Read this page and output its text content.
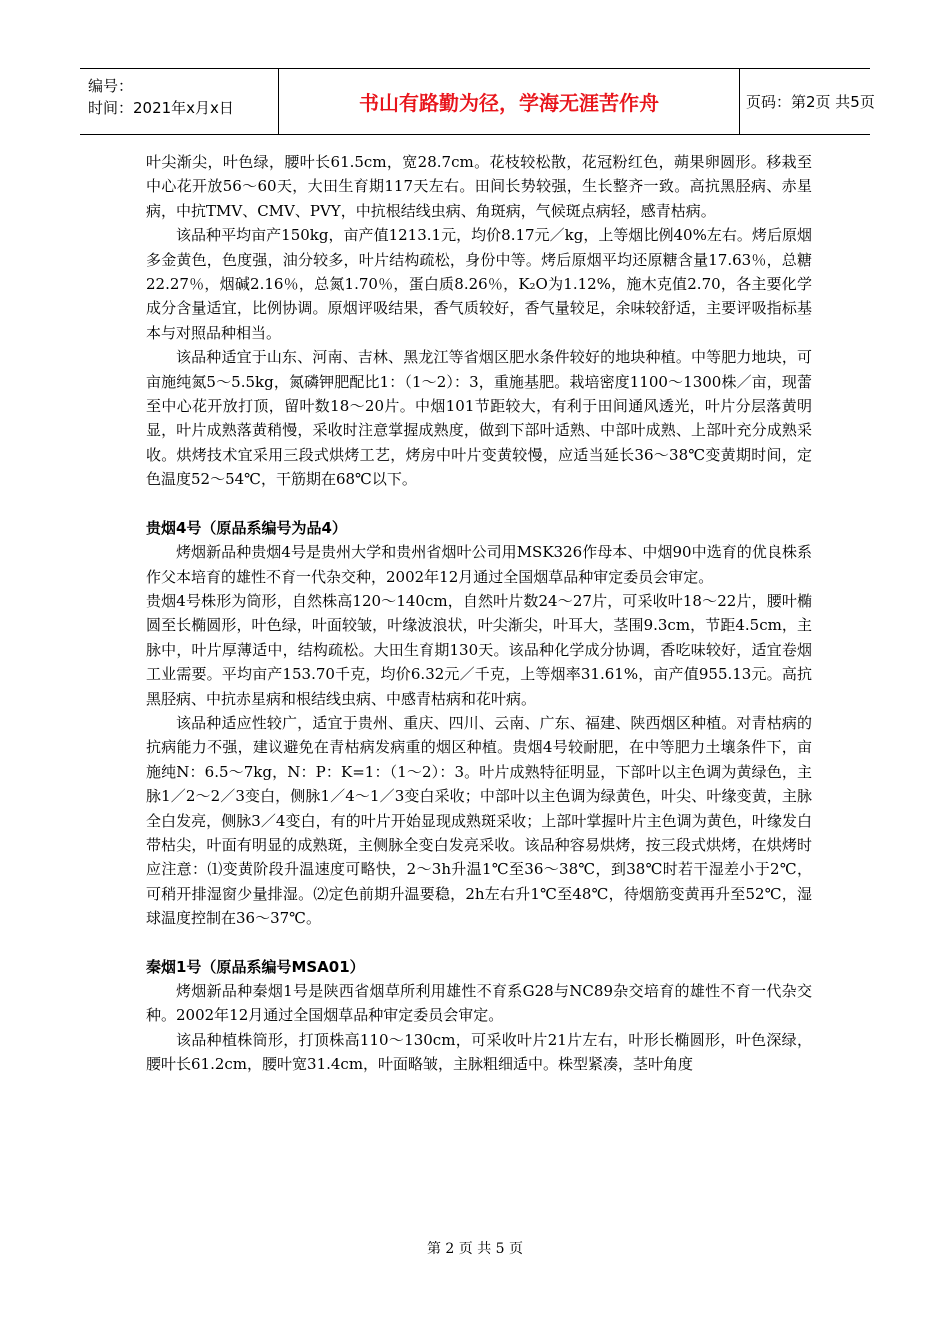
编号：
时间：2021年x月x日	书山有路勤为径，学海无涯苦作舟	页码：第2页 共5页

叶尖渐尖，叶色绿，腰叶长61.5cm，宽28.7cm。花枝较松散，花冠粉红色，蒴果卵圆形。移栽至中心花开放56～60天，大田生育期117天左右。田间长势较强，生长整齐一致。高抗黑胫病、赤星病，中抗TMV、CMV、PVY，中抗根结线虫病、角斑病，气候斑点病轻，感青枯病。

该品种平均亩产150kg，亩产值1213.1元，均价8.17元／kg，上等烟比例40%左右。烤后原烟多金黄色，色度强，油分较多，叶片结构疏松，身份中等。烤后原烟平均还原糖含量17.63％，总糖22.27％，烟碱2.16％，总氮1.70％，蛋白质8.26％，K₂O为1.12%，施木克值2.70，各主要化学成分含量适宜，比例协调。原烟评吸结果，香气质较好，香气量较足，余味较舒适，主要评吸指标基本与对照品种相当。

该品种适宜于山东、河南、吉林、黑龙江等省烟区肥水条件较好的地块种植。中等肥力地块，可亩施纯氮5～5.5kg，氮磷钾肥配比1：（1～2）：3，重施基肥。栽培密度1100～1300株／亩，现蕾至中心花开放打顶，留叶数18～20片。中烟101节距较大，有利于田间通风透光，叶片分层落黄明显，叶片成熟落黄稍慢，采收时注意掌握成熟度，做到下部叶适熟、中部叶成熟、上部叶充分成熟采收。烘烤技术宜采用三段式烘烤工艺，烤房中叶片变黄较慢，应适当延长36～38℃变黄期时间，定色温度52～54℃，干筋期在68℃以下。

贵烟4号（原品系编号为品4）

烤烟新品种贵烟4号是贵州大学和贵州省烟叶公司用MSK326作母本、中烟90中选育的优良株系作父本培育的雄性不育一代杂交种，2002年12月通过全国烟草品种审定委员会审定。

贵烟4号株形为筒形，自然株高120～140cm，自然叶片数24～27片，可采收叶18～22片，腰叶椭圆至长椭圆形，叶色绿，叶面较皱，叶缘波浪状，叶尖渐尖，叶耳大，茎围9.3cm，节距4.5cm，主脉中，叶片厚薄适中，结构疏松。大田生育期130天。该品种化学成分协调，香吃味较好，适宜卷烟工业需要。平均亩产153.70千克，均价6.32元／千克，上等烟率31.61%，亩产值955.13元。高抗黑胫病、中抗赤星病和根结线虫病、中感青枯病和花叶病。

该品种适应性较广，适宜于贵州、重庆、四川、云南、广东、福建、陕西烟区种植。对青枯病的抗病能力不强，建议避免在青枯病发病重的烟区种植。贵烟4号较耐肥，在中等肥力土壤条件下，亩施纯N：6.5～7kg，N：P：K=1：（1～2）：3。叶片成熟特征明显，下部叶以主色调为黄绿色，主脉1／2～2／3变白，侧脉1／4～1／3变白采收；中部叶以主色调为绿黄色，叶尖、叶缘变黄，主脉全白发亮，侧脉3／4变白，有的叶片开始显现成熟斑采收；上部叶掌握叶片主色调为黄色，叶缘发白带枯尖，叶面有明显的成熟斑，主侧脉全变白发亮采收。该品种容易烘烤，按三段式烘烤，在烘烤时应注意：⑴变黄阶段升温速度可略快，2～3h升温1℃至36～38℃，到38℃时若干湿差小于2℃，可稍开排湿窗少量排湿。⑵定色前期升温要稳，2h左右升1℃至48℃，待烟筋变黄再升至52℃，湿球温度控制在36～37℃。

秦烟1号（原品系编号MSA01）

烤烟新品种秦烟1号是陕西省烟草所利用雄性不育系G28与NC89杂交培育的雄性不育一代杂交种。2002年12月通过全国烟草品种审定委员会审定。

该品种植株筒形，打顶株高110～130cm，可采收叶片21片左右，叶形长椭圆形，叶色深绿，腰叶长61.2cm，腰叶宽31.4cm，叶面略皱，主脉粗细适中。株型紧凑，茎叶角度

第 2 页 共 5 页
